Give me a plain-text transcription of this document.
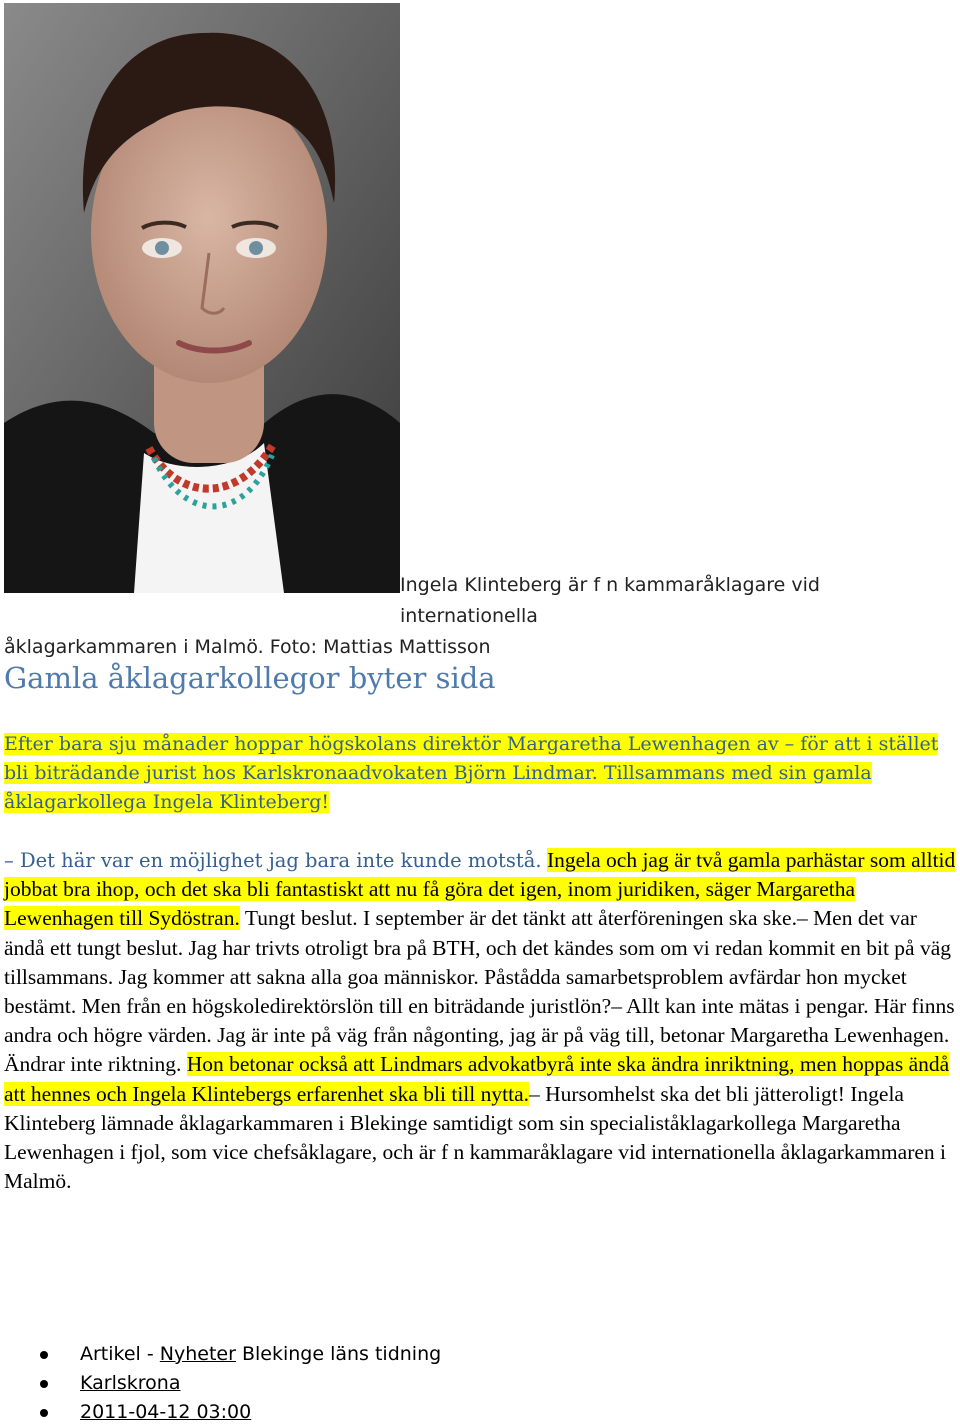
Ingela Klinteberg är f n kammaråklagare vid internationella
åklagarkammaren i Malmö. Foto: Mattias Mattisson
Gamla åklagarkollegor byter sida

Efter bara sju månader hoppar högskolans direktör Margaretha Lewenhagen av – för att i stället bli biträdande jurist hos Karlskronaadvokaten Björn Lindmar. Tillsammans med sin gamla åklagarkollega Ingela Klinteberg!

– Det här var en möjlighet jag bara inte kunde motstå. Ingela och jag är två gamla parhästar som alltid jobbat bra ihop, och det ska bli fantastiskt att nu få göra det igen, inom juridiken, säger Margaretha Lewenhagen till Sydöstran. Tungt beslut. I september är det tänkt att återföreningen ska ske.– Men det var ändå ett tungt beslut. Jag har trivts otroligt bra på BTH, och det kändes som om vi redan kommit en bit på väg tillsammans. Jag kommer att sakna alla goa människor. Påstådda samarbetsproblem avfärdar hon mycket bestämt. Men från en högskoledirektörslön till en biträdande juristlön?– Allt kan inte mätas i pengar. Här finns andra och högre värden. Jag är inte på väg från någonting, jag är på väg till, betonar Margaretha Lewenhagen. Ändrar inte riktning. Hon betonar också att Lindmars advokatbyrå inte ska ändra inriktning, men hoppas ändå att hennes och Ingela Klintebergs erfarenhet ska bli till nytta.– Hursomhelst ska det bli jätteroligt! Ingela Klinteberg lämnade åklagarkammaren i Blekinge samtidigt som sin specialiståklagarkollega Margaretha Lewenhagen i fjol, som vice chefsåklagare, och är f n kammaråklagare vid internationella åklagarkammaren i Malmö.

Artikel - Nyheter Blekinge läns tidning
Karlskrona
2011-04-12 03:00
